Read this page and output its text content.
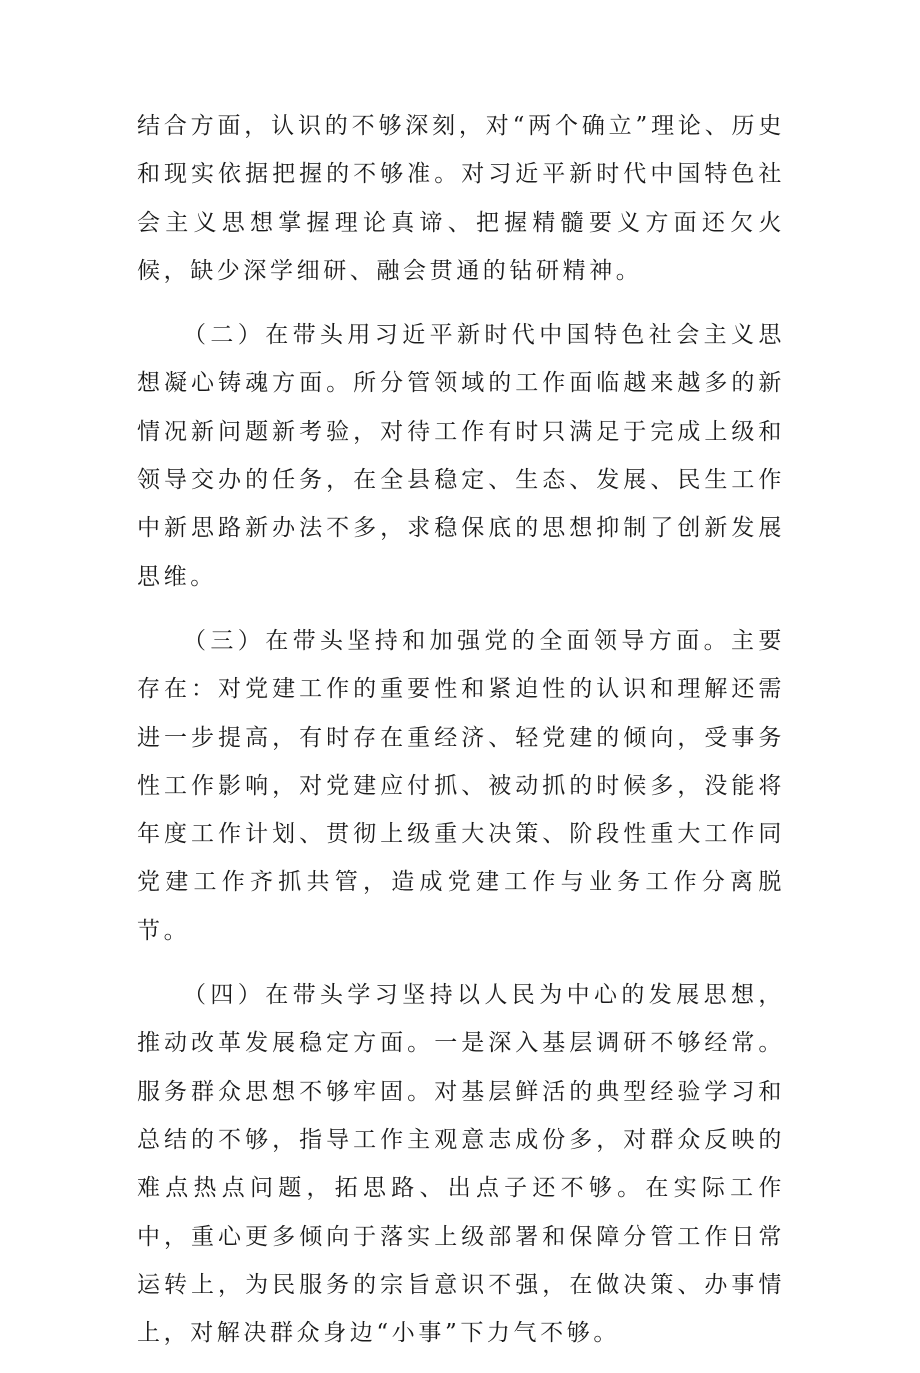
结合方面，认识的不够深刻，对“两个确立”理论、历史和现实依据把握的不够准。对习近平新时代中国特色社会主义思想掌握理论真谛、把握精髓要义方面还欠火候，缺少深学细研、融会贯通的钻研精神。

（二）在带头用习近平新时代中国特色社会主义思想凝心铸魂方面。所分管领域的工作面临越来越多的新情况新问题新考验，对待工作有时只满足于完成上级和领导交办的任务，在全县稳定、生态、发展、民生工作中新思路新办法不多，求稳保底的思想抑制了创新发展思维。

（三）在带头坚持和加强党的全面领导方面。主要存在：对党建工作的重要性和紧迫性的认识和理解还需进一步提高，有时存在重经济、轻党建的倾向，受事务性工作影响，对党建应付抓、被动抓的时候多，没能将年度工作计划、贯彻上级重大决策、阶段性重大工作同党建工作齐抓共管，造成党建工作与业务工作分离脱节。

（四）在带头学习坚持以人民为中心的发展思想，推动改革发展稳定方面。一是深入基层调研不够经常。服务群众思想不够牢固。对基层鲜活的典型经验学习和总结的不够，指导工作主观意志成份多，对群众反映的难点热点问题，拓思路、出点子还不够。在实际工作中，重心更多倾向于落实上级部署和保障分管工作日常运转上，为民服务的宗旨意识不强，在做决策、办事情上，对解决群众身边“小事”下力气不够。
